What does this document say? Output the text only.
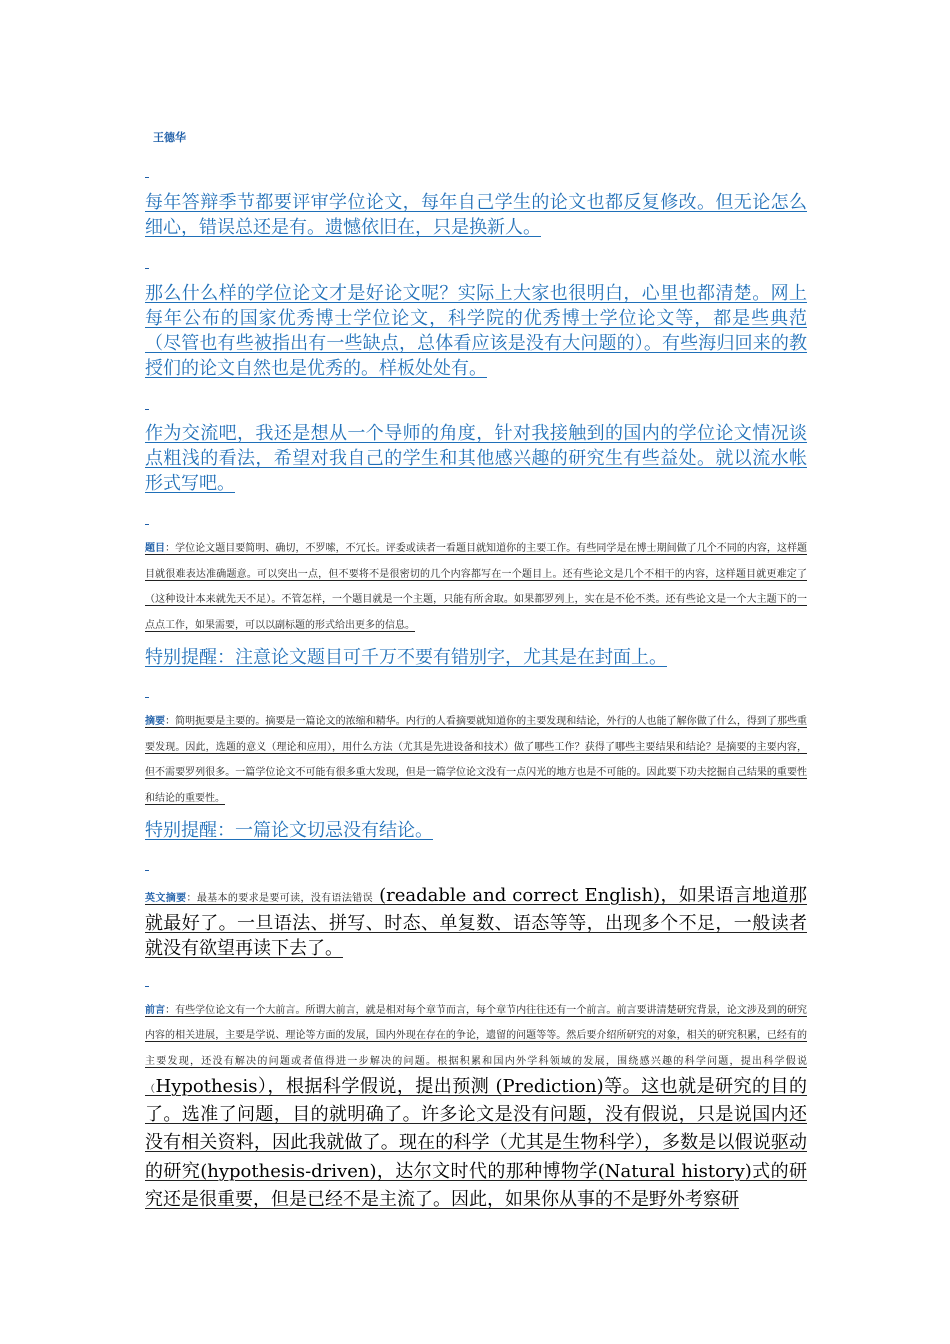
王德华

每年答辩季节都要评审学位论文，每年自己学生的论文也都反复修改。但无论怎么细心，错误总还是有。遗憾依旧在，只是换新人。

那么什么样的学位论文才是好论文呢？实际上大家也很明白，心里也都清楚。网上每年公布的国家优秀博士学位论文，科学院的优秀博士学位论文等，都是些典范（尽管也有些被指出有一些缺点，总体看应该是没有大问题的）。有些海归回来的教授们的论文自然也是优秀的。样板处处有。

作为交流吧，我还是想从一个导师的角度，针对我接触到的国内的学位论文情况谈点粗浅的看法，希望对我自己的学生和其他感兴趣的研究生有些益处。就以流水帐形式写吧。

题目：学位论文题目要简明、确切，不罗嗦，不冗长。评委或读者一看题目就知道你的主要工作。有些同学是在博士期间做了几个不同的内容，这样题目就很难表达准确题意。可以突出一点，但不要将不是很密切的几个内容都写在一个题目上。还有些论文是几个不相干的内容，这样题目就更难定了（这种设计本来就先天不足）。不管怎样，一个题目就是一个主题，只能有所舍取。如果都罗列上，实在是不伦不类。还有些论文是一个大主题下的一点点工作，如果需要，可以以副标题的形式给出更多的信息。

特别提醒：注意论文题目可千万不要有错别字，尤其是在封面上。

摘要：简明扼要是主要的。摘要是一篇论文的浓缩和精华。内行的人看摘要就知道你的主要发现和结论，外行的人也能了解你做了什么，得到了那些重要发现。因此，选题的意义（理论和应用），用什么方法（尤其是先进设备和技术）做了哪些工作？获得了哪些主要结果和结论？是摘要的主要内容，但不需要罗列很多。一篇学位论文不可能有很多重大发现，但是一篇学位论文没有一点闪光的地方也是不可能的。因此要下功夫挖掘自己结果的重要性和结论的重要性。

特别提醒：一篇论文切忌没有结论。

英文摘要：最基本的要求是要可读，没有语法错误 (readable and correct English)，如果语言地道那就最好了。一旦语法、拼写、时态、单复数、语态等等，出现多个不足，一般读者就没有欲望再读下去了。

前言：有些学位论文有一个大前言。所谓大前言，就是相对每个章节而言，每个章节内往往还有一个前言。前言要讲清楚研究背景，论文涉及到的研究内容的相关进展，主要是学说、理论等方面的发展，国内外现在存在的争论，遗留的问题等等。然后要介绍所研究的对象，相关的研究积累，已经有的主要发现，还没有解决的问题或者值得进一步解决的问题。根据积累和国内外学科领域的发展，围绕感兴趣的科学问题，提出科学假说（Hypothesis），根据科学假说，提出预测 (Prediction)等。这也就是研究的目的了。选准了问题，目的就明确了。许多论文是没有问题，没有假说，只是说国内还没有相关资料，因此我就做了。现在的科学（尤其是生物科学），多数是以假说驱动的研究(hypothesis-driven)，达尔文时代的那种博物学(Natural history)式的研究还是很重要，但是已经不是主流了。因此，如果你从事的不是野外考察研
